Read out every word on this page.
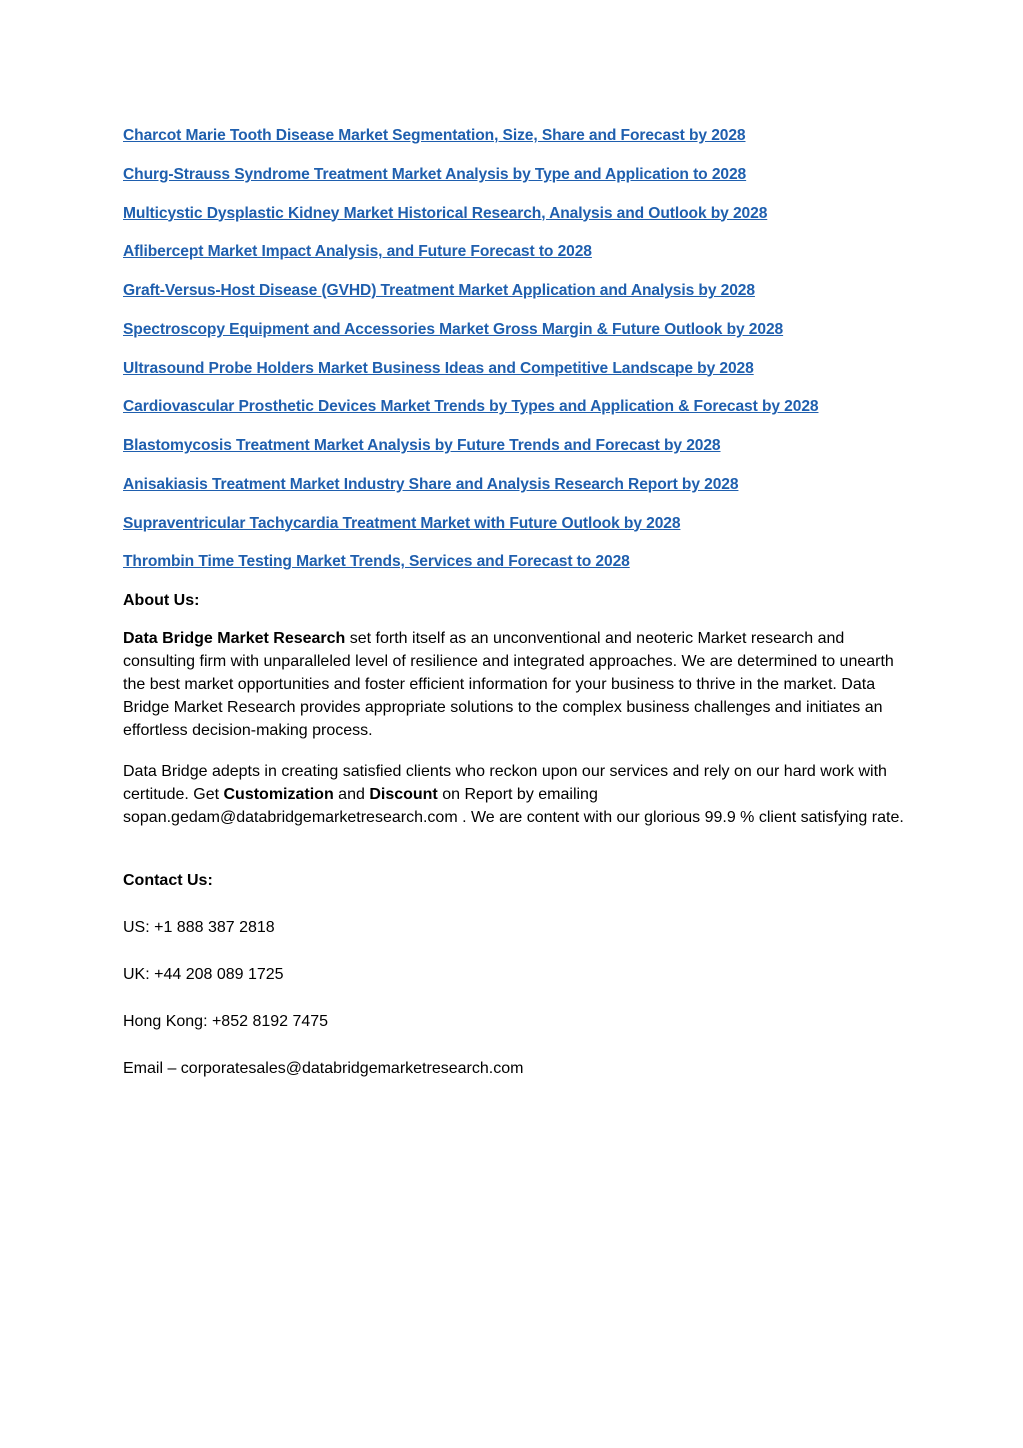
Charcot Marie Tooth Disease Market Segmentation, Size, Share and Forecast by 2028
Churg-Strauss Syndrome Treatment Market Analysis by Type and Application to 2028
Multicystic Dysplastic Kidney Market Historical Research, Analysis and Outlook by 2028
Aflibercept Market Impact Analysis, and Future Forecast to 2028
Graft-Versus-Host Disease (GVHD) Treatment Market Application and Analysis by 2028
Spectroscopy Equipment and Accessories Market Gross Margin & Future Outlook by 2028
Ultrasound Probe Holders Market Business Ideas and Competitive Landscape by 2028
Cardiovascular Prosthetic Devices Market Trends by Types and Application & Forecast by 2028
Blastomycosis Treatment Market Analysis by Future Trends and Forecast by 2028
Anisakiasis Treatment Market Industry Share and Analysis Research Report by 2028
Supraventricular Tachycardia Treatment Market with Future Outlook by 2028
Thrombin Time Testing Market Trends, Services and Forecast to 2028
About Us:

Data Bridge Market Research set forth itself as an unconventional and neoteric Market research and consulting firm with unparalleled level of resilience and integrated approaches. We are determined to unearth the best market opportunities and foster efficient information for your business to thrive in the market. Data Bridge Market Research provides appropriate solutions to the complex business challenges and initiates an effortless decision-making process.

Data Bridge adepts in creating satisfied clients who reckon upon our services and rely on our hard work with certitude. Get Customization and Discount on Report by emailing sopan.gedam@databridgemarketresearch.com . We are content with our glorious 99.9 % client satisfying rate.

Contact Us:
US: +1 888 387 2818
UK: +44 208 089 1725
Hong Kong: +852 8192 7475
Email – corporatesales@databridgemarketresearch.com
